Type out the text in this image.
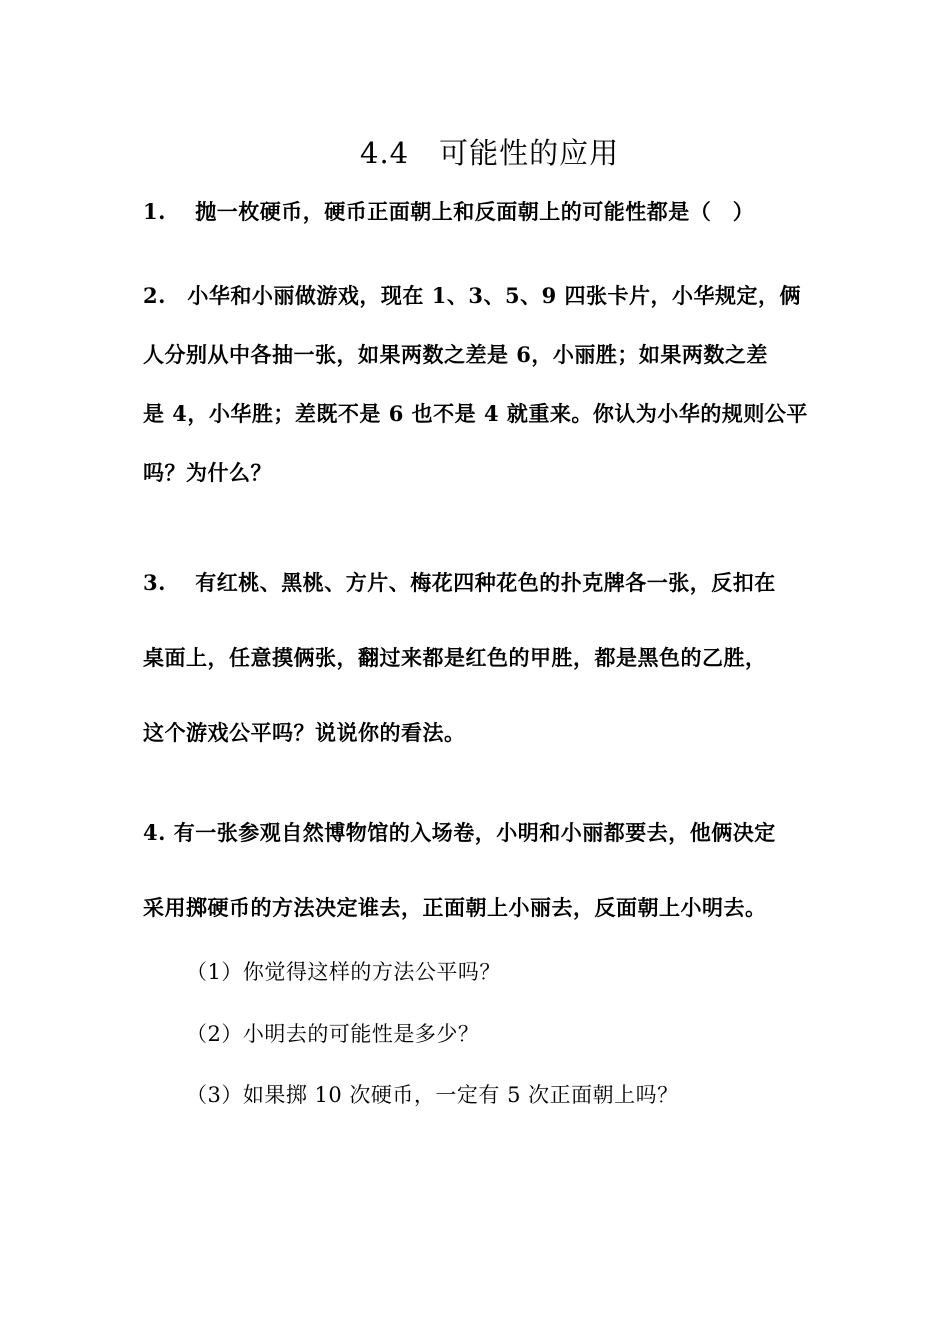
4.4　可能性的应用
1.　 抛一枚硬币，硬币正面朝上和反面朝上的可能性都是（　）
2.　小华和小丽做游戏，现在 1、3、5、9 四张卡片，小华规定，俩
人分别从中各抽一张，如果两数之差是 6，小丽胜；如果两数之差
是 4，小华胜；差既不是 6 也不是 4 就重来。你认为小华的规则公平
吗？为什么？
3.　 有红桃、黑桃、方片、梅花四种花色的扑克牌各一张，反扣在
桌面上，任意摸俩张，翻过来都是红色的甲胜，都是黑色的乙胜，
这个游戏公平吗？说说你的看法。
4. 有一张参观自然博物馆的入场卷，小明和小丽都要去，他俩决定
采用掷硬币的方法决定谁去，正面朝上小丽去，反面朝上小明去。
（1）你觉得这样的方法公平吗？
（2）小明去的可能性是多少？
（3）如果掷 10 次硬币，一定有 5 次正面朝上吗？
